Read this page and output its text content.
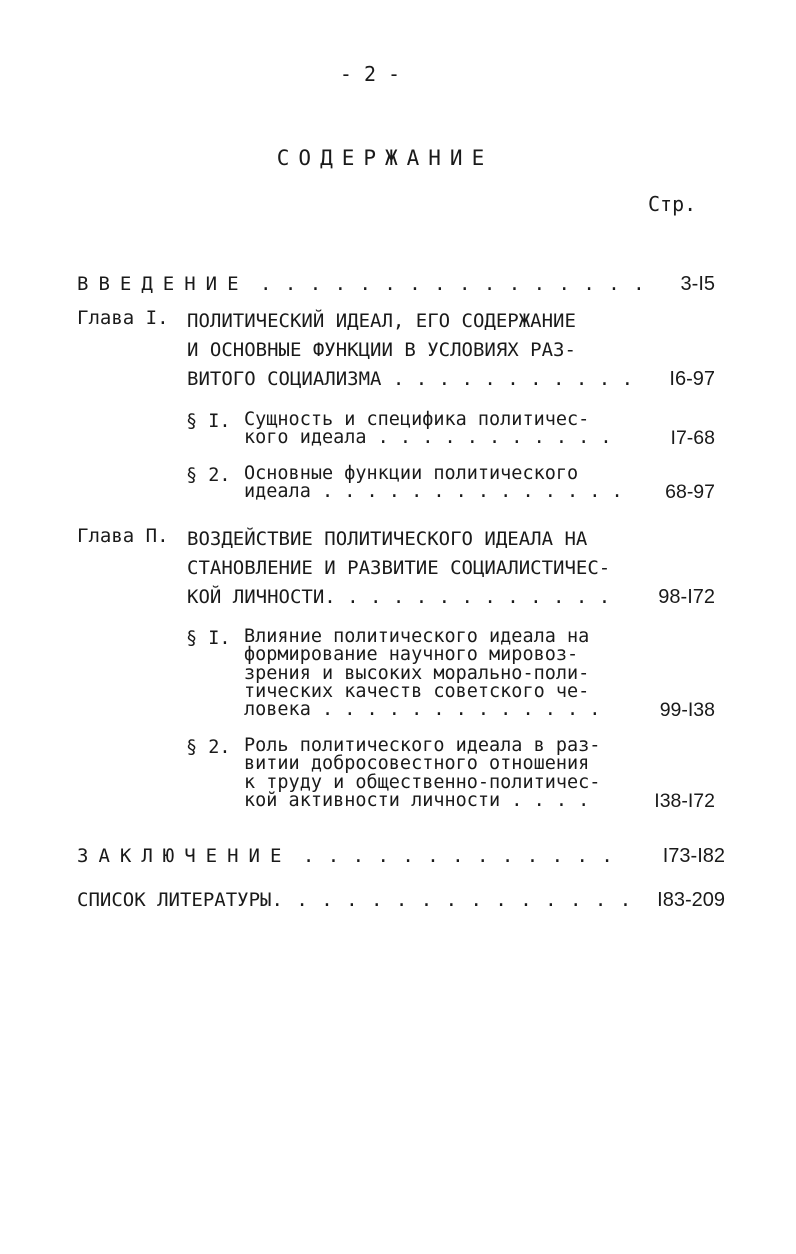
- 2 -
СОДЕРЖАНИЕ
Стр.
ВВЕДЕНИЕ . . . . . . . . . . . . . . . . 3-I5
Глава I. ПОЛИТИЧЕСКИЙ ИДЕАЛ, ЕГО СОДЕРЖАНИЕ
И ОСНОВНЫЕ ФУНКЦИИ В УСЛОВИЯХ РАЗ-
ВИТОГО СОЦИАЛИЗМА . . . . . . . . . . . I6-97
§ I. Сущность и специфика политичес-
кого идеала . . . . . . . . . . .	I7-68
§ 2. Основные функции политического
идеала . . . . . . . . . . . . . . 68-97
Глава П. ВОЗДЕЙСТВИЕ ПОЛИТИЧЕСКОГО ИДЕАЛА НА
СТАНОВЛЕНИЕ И РАЗВИТИЕ СОЦИАЛИСТИЧЕС-
КОЙ ЛИЧНОСТИ. . . . . . . . . . . . . 98-I72
§ I. Влияние политического идеала на
формирование научного мировоз-
зрения и высоких морально-поли-
тических качеств советского че-
ловека . . . . . . . . . . . . .	99-I38
§ 2. Роль политического идеала в раз-
витии добросовестного отношения
к труду и общественно-политичес-
кой активности личности . . . .	I38-I72
ЗАКЛЮЧЕНИЕ . . . . . . . . . . . . . I73-I82
СПИСОК ЛИТЕРАТУРЫ. . . . . . . . . . . . . . . I83-209
